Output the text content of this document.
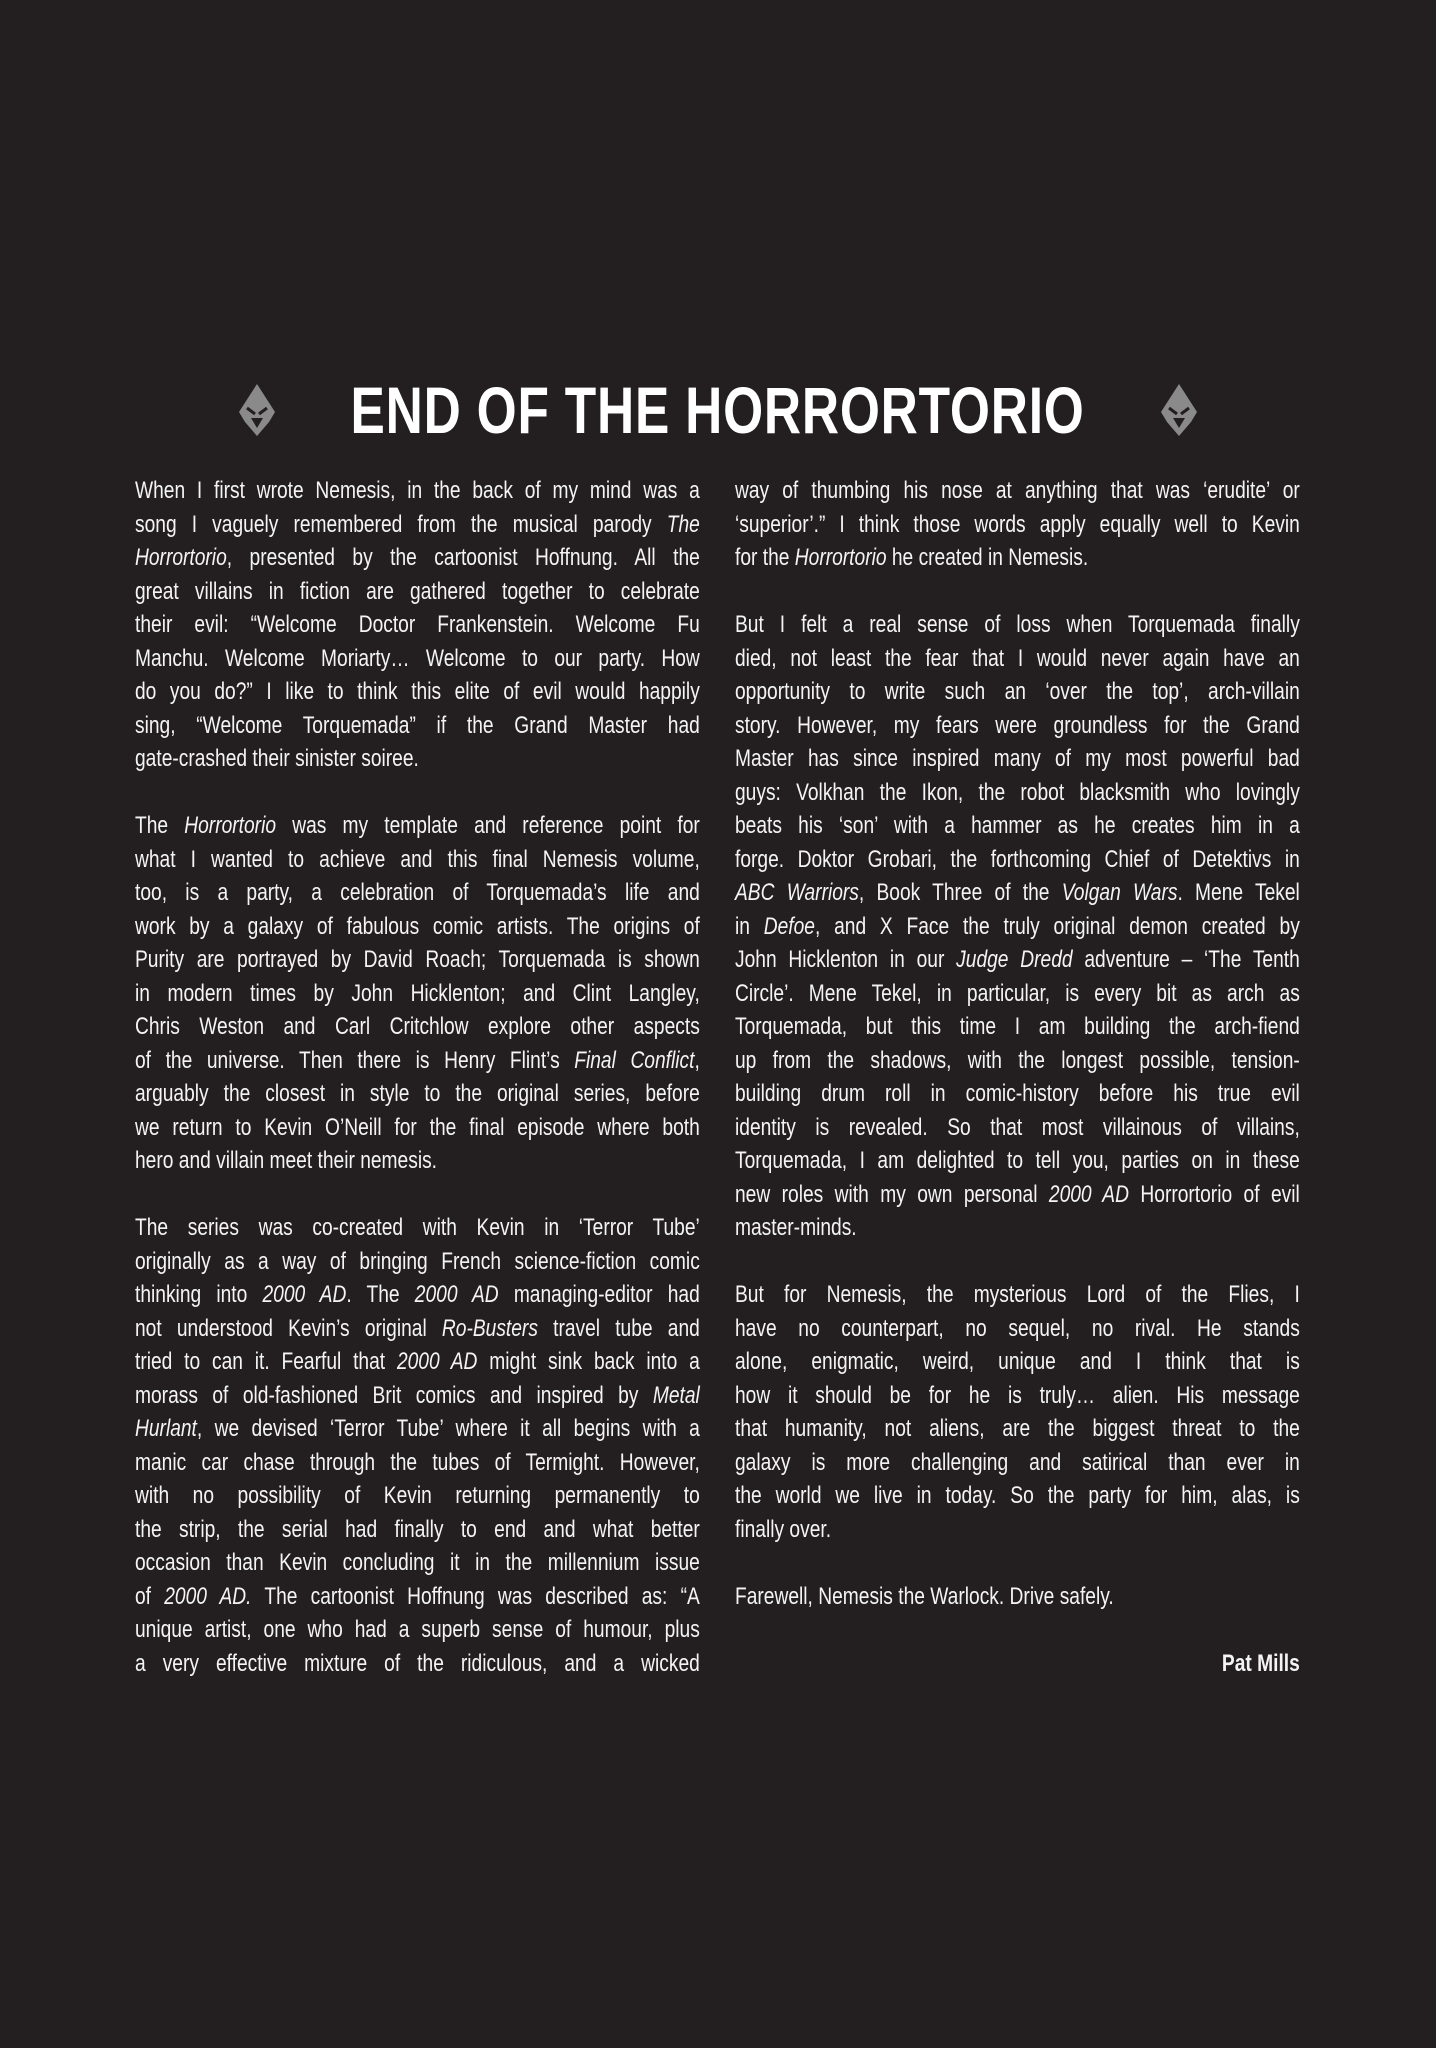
END OF THE HORRORTORIO
When I first wrote Nemesis, in the back of my mind was a
song I vaguely remembered from the musical parody The
Horrortorio, presented by the cartoonist Hoffnung. All the
great villains in fiction are gathered together to celebrate
their evil: “Welcome Doctor Frankenstein. Welcome Fu
Manchu. Welcome Moriarty… Welcome to our party. How
do you do?” I like to think this elite of evil would happily
sing, “Welcome Torquemada” if the Grand Master had
gate-crashed their sinister soiree.
The Horrortorio was my template and reference point for
what I wanted to achieve and this final Nemesis volume,
too, is a party, a celebration of Torquemada’s life and
work by a galaxy of fabulous comic artists. The origins of
Purity are portrayed by David Roach; Torquemada is shown
in modern times by John Hicklenton; and Clint Langley,
Chris Weston and Carl Critchlow explore other aspects
of the universe. Then there is Henry Flint’s Final Conflict,
arguably the closest in style to the original series, before
we return to Kevin O’Neill for the final episode where both
hero and villain meet their nemesis.
The series was co-created with Kevin in ‘Terror Tube’
originally as a way of bringing French science-fiction comic
thinking into 2000 AD. The 2000 AD managing-editor had
not understood Kevin’s original Ro-Busters travel tube and
tried to can it. Fearful that 2000 AD might sink back into a
morass of old-fashioned Brit comics and inspired by Metal
Hurlant, we devised ‘Terror Tube’ where it all begins with a
manic car chase through the tubes of Termight. However,
with no possibility of Kevin returning permanently to
the strip, the serial had finally to end and what better
occasion than Kevin concluding it in the millennium issue
of 2000 AD. The cartoonist Hoffnung was described as: “A
unique artist, one who had a superb sense of humour, plus
a very effective mixture of the ridiculous, and a wicked
way of thumbing his nose at anything that was ‘erudite’ or
‘superior’.” I think those words apply equally well to Kevin
for the Horrortorio he created in Nemesis.
But I felt a real sense of loss when Torquemada finally
died, not least the fear that I would never again have an
opportunity to write such an ‘over the top’, arch-villain
story. However, my fears were groundless for the Grand
Master has since inspired many of my most powerful bad
guys: Volkhan the Ikon, the robot blacksmith who lovingly
beats his ‘son’ with a hammer as he creates him in a
forge. Doktor Grobari, the forthcoming Chief of Detektivs in
ABC Warriors, Book Three of the Volgan Wars. Mene Tekel
in Defoe, and X Face the truly original demon created by
John Hicklenton in our Judge Dredd adventure – ‘The Tenth
Circle’. Mene Tekel, in particular, is every bit as arch as
Torquemada, but this time I am building the arch-fiend
up from the shadows, with the longest possible, tension-
building drum roll in comic-history before his true evil
identity is revealed. So that most villainous of villains,
Torquemada, I am delighted to tell you, parties on in these
new roles with my own personal 2000 AD Horrortorio of evil
master-minds.
But for Nemesis, the mysterious Lord of the Flies, I
have no counterpart, no sequel, no rival. He stands
alone, enigmatic, weird, unique and I think that is
how it should be for he is truly… alien. His message
that humanity, not aliens, are the biggest threat to the
galaxy is more challenging and satirical than ever in
the world we live in today. So the party for him, alas, is
finally over.
Farewell, Nemesis the Warlock. Drive safely.
Pat Mills
